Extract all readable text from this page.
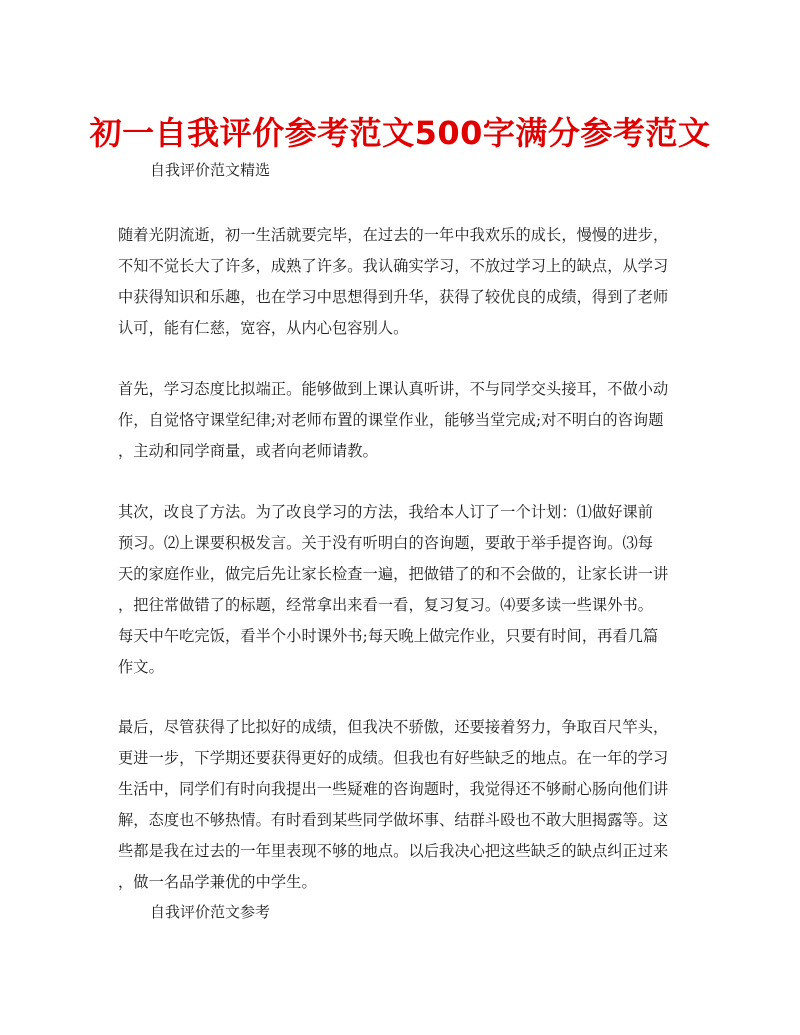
初一自我评价参考范文500字满分参考范文
自我评价范文精选
随着光阴流逝，初一生活就要完毕，在过去的一年中我欢乐的成长，慢慢的进步，
不知不觉长大了许多，成熟了许多。我认确实学习，不放过学习上的缺点，从学习
中获得知识和乐趣，也在学习中思想得到升华，获得了较优良的成绩，得到了老师
认可，能有仁慈，宽容，从内心包容别人。
首先，学习态度比拟端正。能够做到上课认真听讲，不与同学交头接耳，不做小动
作，自觉恪守课堂纪律;对老师布置的课堂作业，能够当堂完成;对不明白的咨询题
，主动和同学商量，或者向老师请教。
其次，改良了方法。为了改良学习的方法，我给本人订了一个计划：⑴做好课前
预习。⑵上课要积极发言。关于没有听明白的咨询题，要敢于举手提咨询。⑶每
天的家庭作业，做完后先让家长检查一遍，把做错了的和不会做的，让家长讲一讲
，把往常做错了的标题，经常拿出来看一看，复习复习。⑷要多读一些课外书。
每天中午吃完饭，看半个小时课外书;每天晚上做完作业，只要有时间，再看几篇
作文。
最后，尽管获得了比拟好的成绩，但我决不骄傲，还要接着努力，争取百尺竿头，
更进一步，下学期还要获得更好的成绩。但我也有好些缺乏的地点。在一年的学习
生活中，同学们有时向我提出一些疑难的咨询题时，我觉得还不够耐心肠向他们讲
解，态度也不够热情。有时看到某些同学做坏事、结群斗殴也不敢大胆揭露等。这
些都是我在过去的一年里表现不够的地点。以后我决心把这些缺乏的缺点纠正过来
，做一名品学兼优的中学生。
自我评价范文参考
